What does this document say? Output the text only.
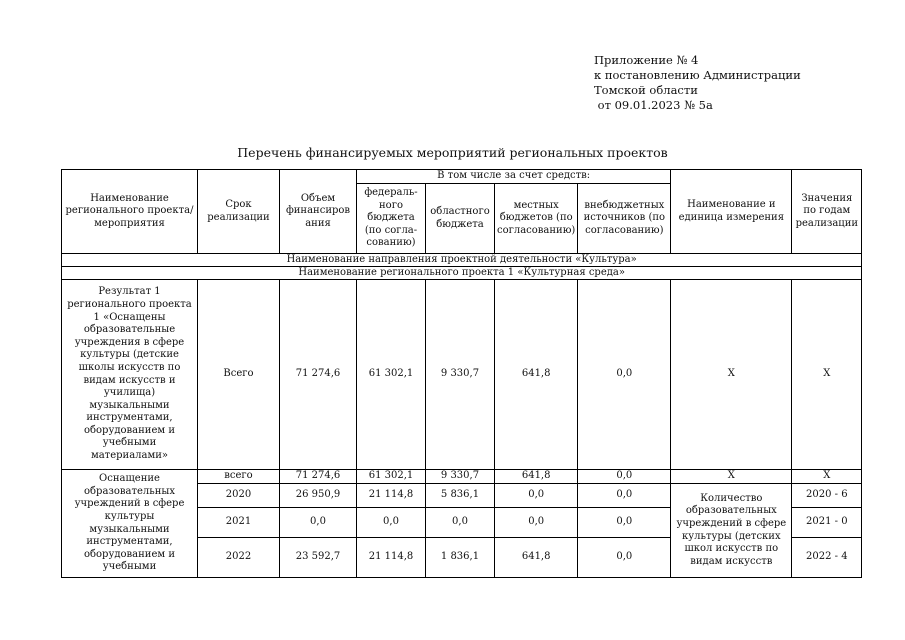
Приложение № 4
к постановлению Администрации
Томской области
от 09.01.2023 № 5а
Перечень финансируемых мероприятий региональных проектов
Наименование регионального проекта/ мероприятия	Срок реализации	Объем финансиров ания	В том числе за счет средств:				Наименование и единица измерения	Значения по годам реализации
			федераль-ного бюджета (по согла-сованию)	областного бюджета	местных бюджетов (по согласованию)	внебюджетных источников (по согласованию)		
Наименование направления проектной деятельности «Культура»								
Наименование регионального проекта 1 «Культурная среда»								
Результат 1 регионального проекта 1 «Оснащены образовательные учреждения в сфере культуры (детские школы искусств по видам искусств и училища) музыкальными инструментами, оборудованием и учебными материалами»	Всего	71 274,6	61 302,1	9 330,7	641,8	0,0	Х	Х
Оснащение образовательных учреждений в сфере культуры музыкальными инструментами, оборудованием и учебными	всего	71 274,6	61 302,1	9 330,7	641,8	0,0	Х	Х
	2020	26 950,9	21 114,8	5 836,1	0,0	0,0	Количество образовательных учреждений в сфере культуры (детских школ искусств по видам искусств	2020 - 6
	2021	0,0	0,0	0,0	0,0	0,0		2021 - 0
	2022	23 592,7	21 114,8	1 836,1	641,8	0,0		2022 - 4
